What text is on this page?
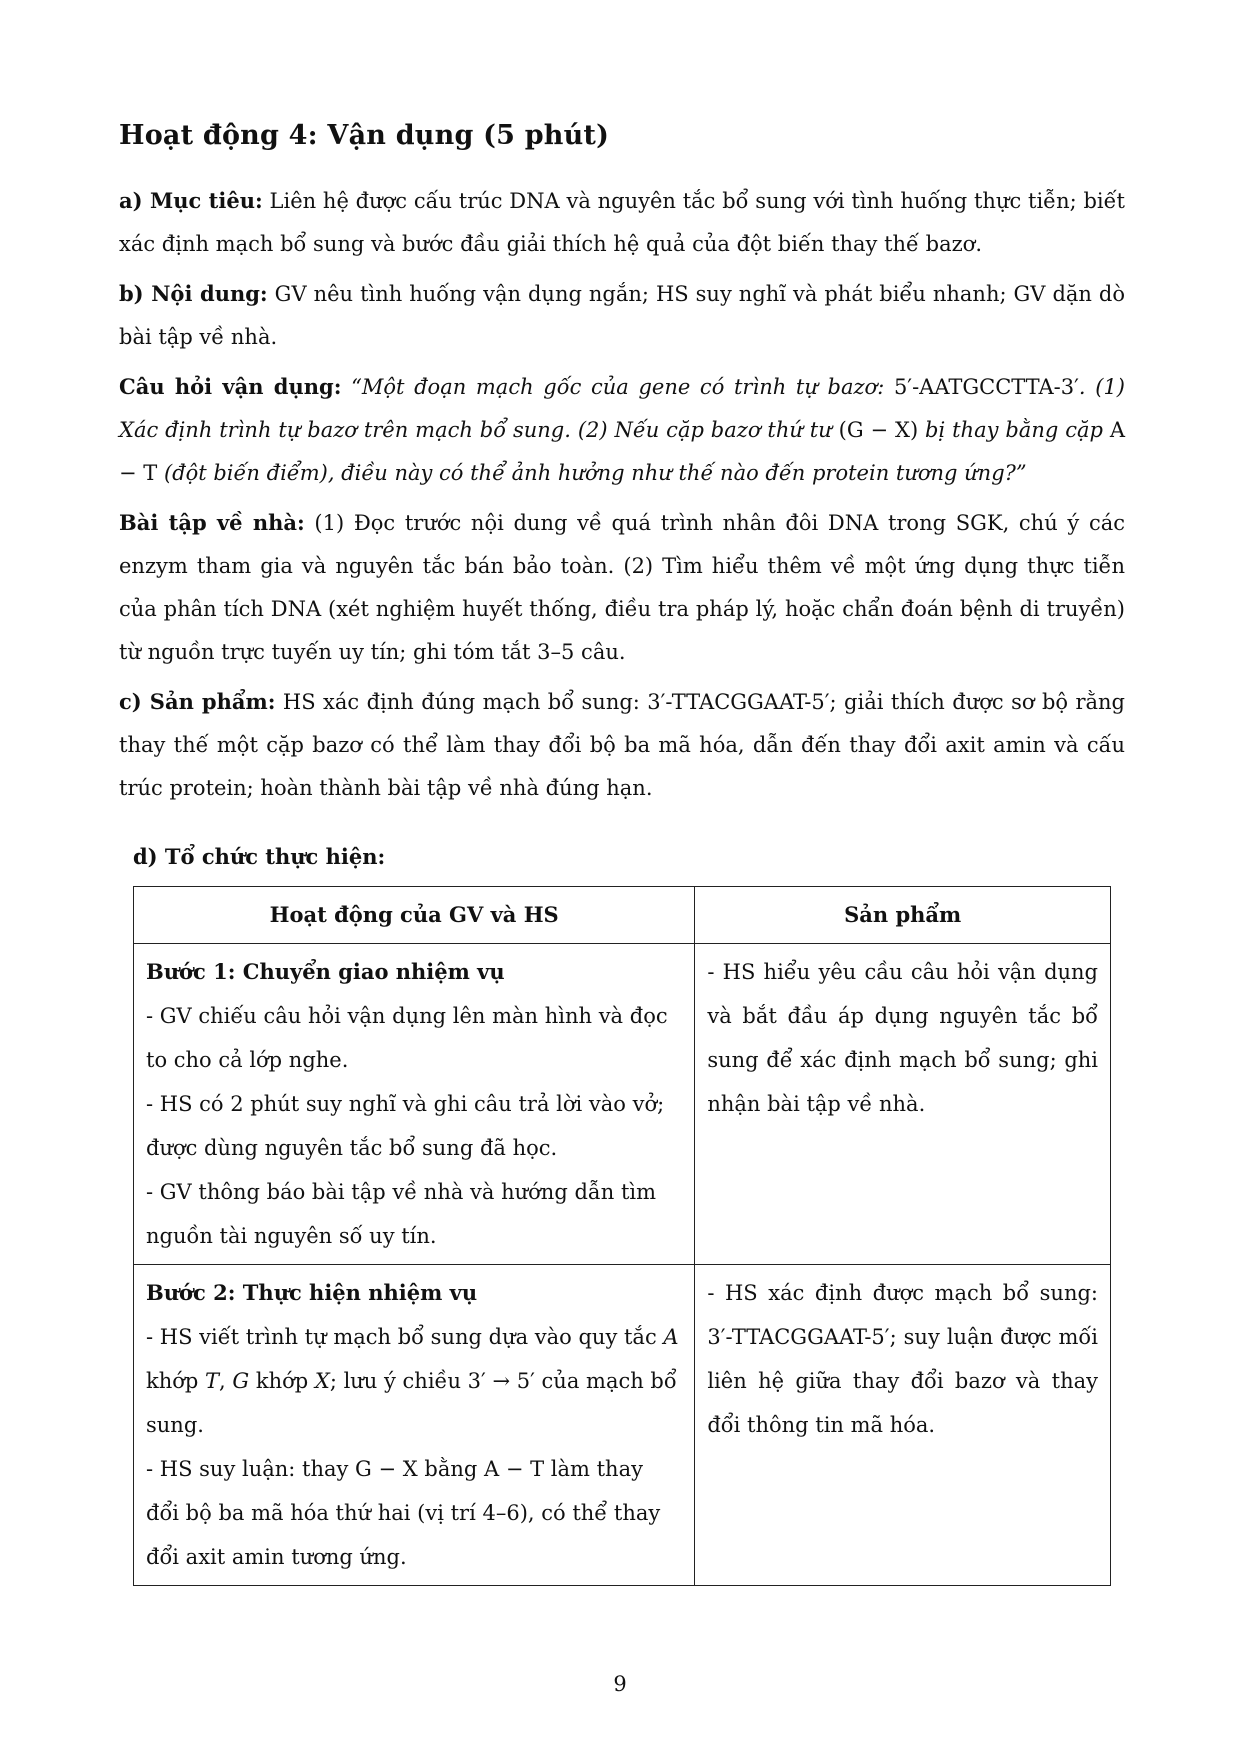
Hoạt động 4: Vận dụng (5 phút)

a) Mục tiêu: Liên hệ được cấu trúc DNA và nguyên tắc bổ sung với tình huống thực tiễn; biết xác định mạch bổ sung và bước đầu giải thích hệ quả của đột biến thay thế bazơ.

b) Nội dung: GV nêu tình huống vận dụng ngắn; HS suy nghĩ và phát biểu nhanh; GV dặn dò bài tập về nhà.

Câu hỏi vận dụng: “Một đoạn mạch gốc của gene có trình tự bazơ: 5′-AATGCCTTA-3′. (1) Xác định trình tự bazơ trên mạch bổ sung. (2) Nếu cặp bazơ thứ tư (G − X) bị thay bằng cặp A − T (đột biến điểm), điều này có thể ảnh hưởng như thế nào đến protein tương ứng?”

Bài tập về nhà: (1) Đọc trước nội dung về quá trình nhân đôi DNA trong SGK, chú ý các enzym tham gia và nguyên tắc bán bảo toàn. (2) Tìm hiểu thêm về một ứng dụng thực tiễn của phân tích DNA (xét nghiệm huyết thống, điều tra pháp lý, hoặc chẩn đoán bệnh di truyền) từ nguồn trực tuyến uy tín; ghi tóm tắt 3–5 câu.

c) Sản phẩm: HS xác định đúng mạch bổ sung: 3′-TTACGGAAT-5′; giải thích được sơ bộ rằng thay thế một cặp bazơ có thể làm thay đổi bộ ba mã hóa, dẫn đến thay đổi axit amin và cấu trúc protein; hoàn thành bài tập về nhà đúng hạn.

d) Tổ chức thực hiện:
Hoạt động của GV và HS	Sản phẩm

Bước 1: Chuyển giao nhiệm vụ
- GV chiếu câu hỏi vận dụng lên màn hình và đọc to cho cả lớp nghe.
- HS có 2 phút suy nghĩ và ghi câu trả lời vào vở; được dùng nguyên tắc bổ sung đã học.
- GV thông báo bài tập về nhà và hướng dẫn tìm nguồn tài nguyên số uy tín.	- HS hiểu yêu cầu câu hỏi vận dụng và bắt đầu áp dụng nguyên tắc bổ sung để xác định mạch bổ sung; ghi nhận bài tập về nhà.

Bước 2: Thực hiện nhiệm vụ
- HS viết trình tự mạch bổ sung dựa vào quy tắc A khớp T, G khớp X; lưu ý chiều 3′ → 5′ của mạch bổ sung.
- HS suy luận: thay G − X bằng A − T làm thay đổi bộ ba mã hóa thứ hai (vị trí 4–6), có thể thay đổi axit amin tương ứng.	- HS xác định được mạch bổ sung: 3′-TTACGGAAT-5′; suy luận được mối liên hệ giữa thay đổi bazơ và thay đổi thông tin mã hóa.
9
